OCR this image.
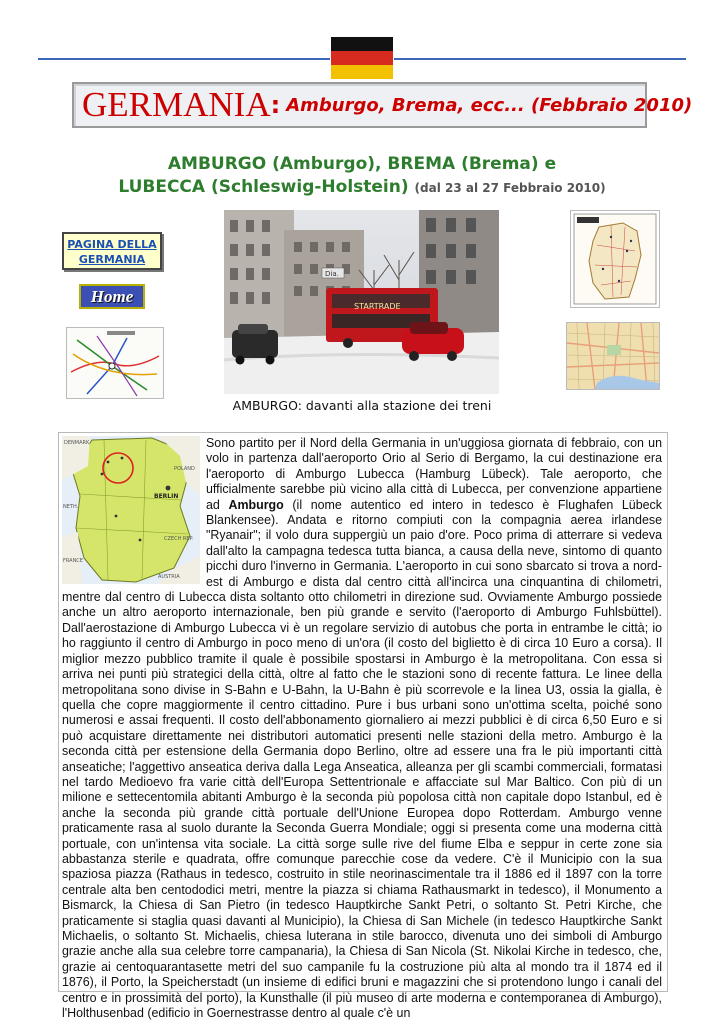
GERMANIA : Amburgo, Brema, ecc... (Febbraio 2010)
AMBURGO (Amburgo), BREMA (Brema) e
LUBECCA (Schleswig-Holstein) (dal 23 al 27 Febbraio 2010)
PAGINA DELLA
GERMANIA
Home
STARTRADE
Dia.
AMBURGO: davanti alla stazione dei treni
BERLIN
DENMARK
POLAND
NETH.
CZECH REP.
FRANCE
AUSTRIA
Sono partito per il Nord della Germania in un'uggiosa giornata di febbraio, con un volo in partenza dall'aeroporto Orio al Serio di Bergamo, la cui destinazione era l'aeroporto di Amburgo Lubecca (Hamburg Lübeck). Tale aeroporto, che ufficialmente sarebbe più vicino alla città di Lubecca, per convenzione appartiene ad Amburgo (il nome autentico ed intero in tedesco è Flughafen Lübeck Blankensee). Andata e ritorno compiuti con la compagnia aerea irlandese "Ryanair"; il volo dura suppergiù un paio d'ore. Poco prima di atterrare si vedeva dall'alto la campagna tedesca tutta bianca, a causa della neve, sintomo di quanto picchi duro l'inverno in Germania. L'aeroporto in cui sono sbarcato si trova a nord-est di Amburgo e dista dal centro città all'incirca una cinquantina di chilometri, mentre dal centro di Lubecca dista soltanto otto chilometri in direzione sud. Ovviamente Amburgo possiede anche un altro aeroporto internazionale, ben più grande e servito (l'aeroporto di Amburgo Fuhlsbüttel). Dall'aerostazione di Amburgo Lubecca vi è un regolare servizio di autobus che porta in entrambe le città; io ho raggiunto il centro di Amburgo in poco meno di un'ora (il costo del biglietto è di circa 10 Euro a corsa). Il miglior mezzo pubblico tramite il quale è possibile spostarsi in Amburgo è la metropolitana. Con essa si arriva nei punti più strategici della città, oltre al fatto che le stazioni sono di recente fattura. Le linee della metropolitana sono divise in S-Bahn e U-Bahn, la U-Bahn è più scorrevole e la linea U3, ossia la gialla, è quella che copre maggiormente il centro cittadino. Pure i bus urbani sono un'ottima scelta, poiché sono numerosi e assai frequenti. Il costo dell'abbonamento giornaliero ai mezzi pubblici è di circa 6,50 Euro e si può acquistare direttamente nei distributori automatici presenti nelle stazioni della metro. Amburgo è la seconda città per estensione della Germania dopo Berlino, oltre ad essere una fra le più importanti città anseatiche; l'aggettivo anseatica deriva dalla Lega Anseatica, alleanza per gli scambi commerciali, formatasi nel tardo Medioevo fra varie città dell'Europa Settentrionale e affacciate sul Mar Baltico. Con più di un milione e settecentomila abitanti Amburgo è la seconda più popolosa città non capitale dopo Istanbul, ed è anche la seconda più grande città portuale dell'Unione Europea dopo Rotterdam. Amburgo venne praticamente rasa al suolo durante la Seconda Guerra Mondiale; oggi si presenta come una moderna città portuale, con un'intensa vita sociale. La città sorge sulle rive del fiume Elba e seppur in certe zone sia abbastanza sterile e quadrata, offre comunque parecchie cose da vedere. C'è il Municipio con la sua spaziosa piazza (Rathaus in tedesco, costruito in stile neorinascimentale tra il 1886 ed il 1897 con la torre centrale alta ben centododici metri, mentre la piazza si chiama Rathausmarkt in tedesco), il Monumento a Bismarck, la Chiesa di San Pietro (in tedesco Hauptkirche Sankt Petri, o soltanto St. Petri Kirche, che praticamente si staglia quasi davanti al Municipio), la Chiesa di San Michele (in tedesco Hauptkirche Sankt Michaelis, o soltanto St. Michaelis, chiesa luterana in stile barocco, divenuta uno dei simboli di Amburgo grazie anche alla sua celebre torre campanaria), la Chiesa di San Nicola (St. Nikolai Kirche in tedesco, che, grazie ai centoquarantasette metri del suo campanile fu la costruzione più alta al mondo tra il 1874 ed il 1876), il Porto, la Speicherstadt (un insieme di edifici bruni e magazzini che si protendono lungo i canali del centro e in prossimità del porto), la Kunsthalle (il più museo di arte moderna e contemporanea di Amburgo), l'Holthusenbad (edificio in Goernestrasse dentro al quale c'è un
